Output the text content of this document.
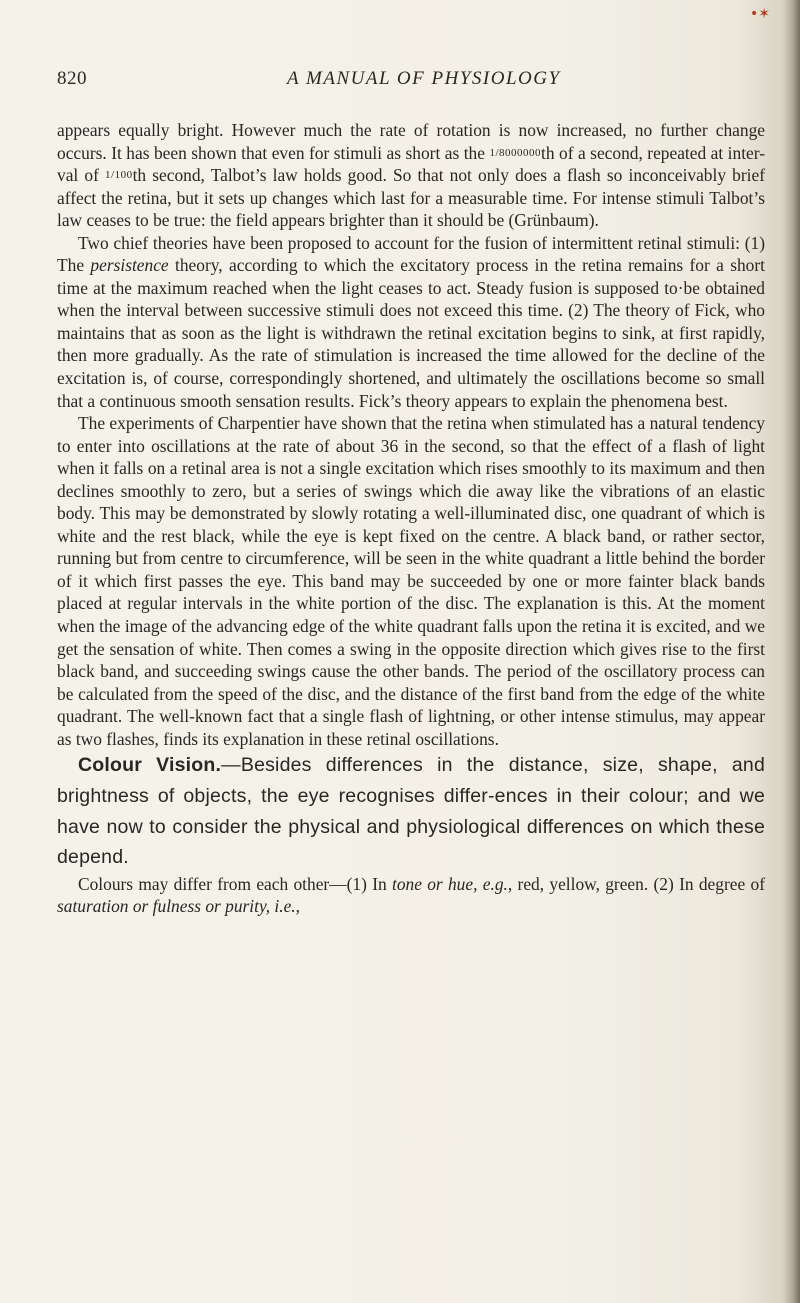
•✶
820	A MANUAL OF PHYSIOLOGY

appears equally bright. However much the rate of rotation is now increased, no further change occurs. It has been shown that even for stimuli as short as the 1/8000000th of a second, repeated at inter-val of 1/100th second, Talbot’s law holds good. So that not only does a flash so inconceivably brief affect the retina, but it sets up changes which last for a measurable time. For intense stimuli Talbot’s law ceases to be true: the field appears brighter than it should be (Grünbaum).

Two chief theories have been proposed to account for the fusion of intermittent retinal stimuli: (1) The persistence theory, according to which the excitatory process in the retina remains for a short time at the maximum reached when the light ceases to act. Steady fusion is supposed to·be obtained when the interval between successive stimuli does not exceed this time. (2) The theory of Fick, who maintains that as soon as the light is withdrawn the retinal excitation begins to sink, at first rapidly, then more gradually. As the rate of stimulation is increased the time allowed for the decline of the excitation is, of course, correspondingly shortened, and ultimately the oscillations become so small that a continuous smooth sensation results. Fick’s theory appears to explain the phenomena best.

The experiments of Charpentier have shown that the retina when stimulated has a natural tendency to enter into oscillations at the rate of about 36 in the second, so that the effect of a flash of light when it falls on a retinal area is not a single excitation which rises smoothly to its maximum and then declines smoothly to zero, but a series of swings which die away like the vibrations of an elastic body. This may be demonstrated by slowly rotating a well-illuminated disc, one quadrant of which is white and the rest black, while the eye is kept fixed on the centre. A black band, or rather sector, running but from centre to circumference, will be seen in the white quadrant a little behind the border of it which first passes the eye. This band may be succeeded by one or more fainter black bands placed at regular intervals in the white portion of the disc. The explanation is this. At the moment when the image of the advancing edge of the white quadrant falls upon the retina it is excited, and we get the sensation of white. Then comes a swing in the opposite direction which gives rise to the first black band, and succeeding swings cause the other bands. The period of the oscillatory process can be calculated from the speed of the disc, and the distance of the first band from the edge of the white quadrant. The well-known fact that a single flash of lightning, or other intense stimulus, may appear as two flashes, finds its explanation in these retinal oscillations.

Colour Vision.—Besides differences in the distance, size, shape, and brightness of objects, the eye recognises differ-ences in their colour; and we have now to consider the physical and physiological differences on which these depend.

Colours may differ from each other—(1) In tone or hue, e.g., red, yellow, green. (2) In degree of saturation or fulness or purity, i.e.,
